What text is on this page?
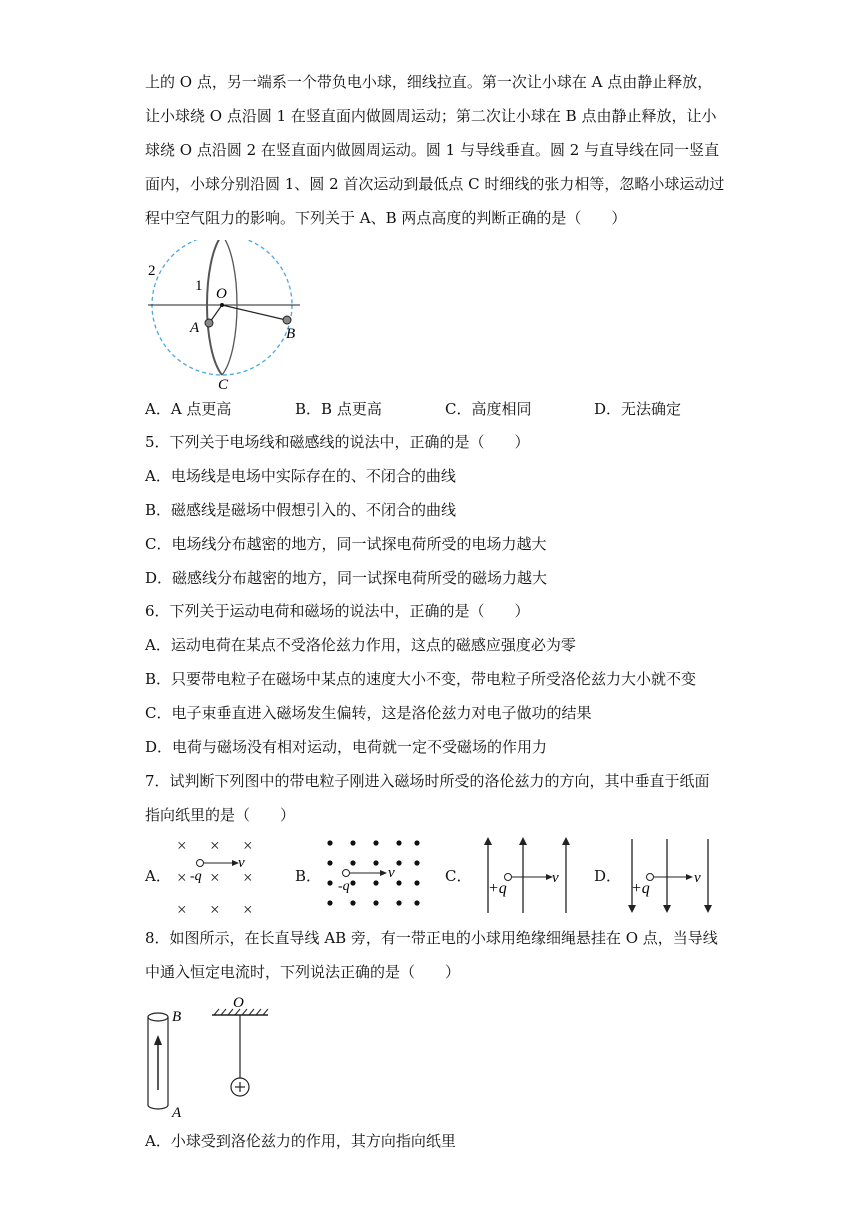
上的 O 点，另一端系一个带负电小球，细线拉直。第一次让小球在 A 点由静止释放，
让小球绕 O 点沿圆 1 在竖直面内做圆周运动；第二次让小球在 B 点由静止释放，让小
球绕 O 点沿圆 2 在竖直面内做圆周运动。圆 1 与导线垂直。圆 2 与直导线在同一竖直
面内，小球分别沿圆 1、圆 2 首次运动到最低点 C 时细线的张力相等，忽略小球运动过
程中空气阻力的影响。下列关于 A、B 两点高度的判断正确的是（　　）
2
1 O
A	B
C
A．A 点更高	B．B 点更高	C．高度相同	D．无法确定
5．下列关于电场线和磁感线的说法中，正确的是（　　）
A．电场线是电场中实际存在的、不闭合的曲线
B．磁感线是磁场中假想引入的、不闭合的曲线
C．电场线分布越密的地方，同一试探电荷所受的电场力越大
D．磁感线分布越密的地方，同一试探电荷所受的磁场力越大
6．下列关于运动电荷和磁场的说法中，正确的是（　　）
A．运动电荷在某点不受洛伦兹力作用，这点的磁感应强度必为零
B．只要带电粒子在磁场中某点的速度大小不变，带电粒子所受洛伦兹力大小就不变
C．电子束垂直进入磁场发生偏转，这是洛伦兹力对电子做功的结果
D．电荷与磁场没有相对运动，电荷就一定不受磁场的作用力
7．试判断下列图中的带电粒子刚进入磁场时所受的洛伦兹力的方向，其中垂直于纸面
指向纸里的是（　　）
A．
× × ×
× × ×
× × ×
-q
v
B．
-q
v	C．
+q
v D．
+q
v
8．如图所示，在长直导线 AB 旁，有一带正电的小球用绝缘细绳悬挂在 O 点，当导线
中通入恒定电流时，下列说法正确的是（　　）
B
A
O
A．小球受到洛伦兹力的作用，其方向指向纸里
